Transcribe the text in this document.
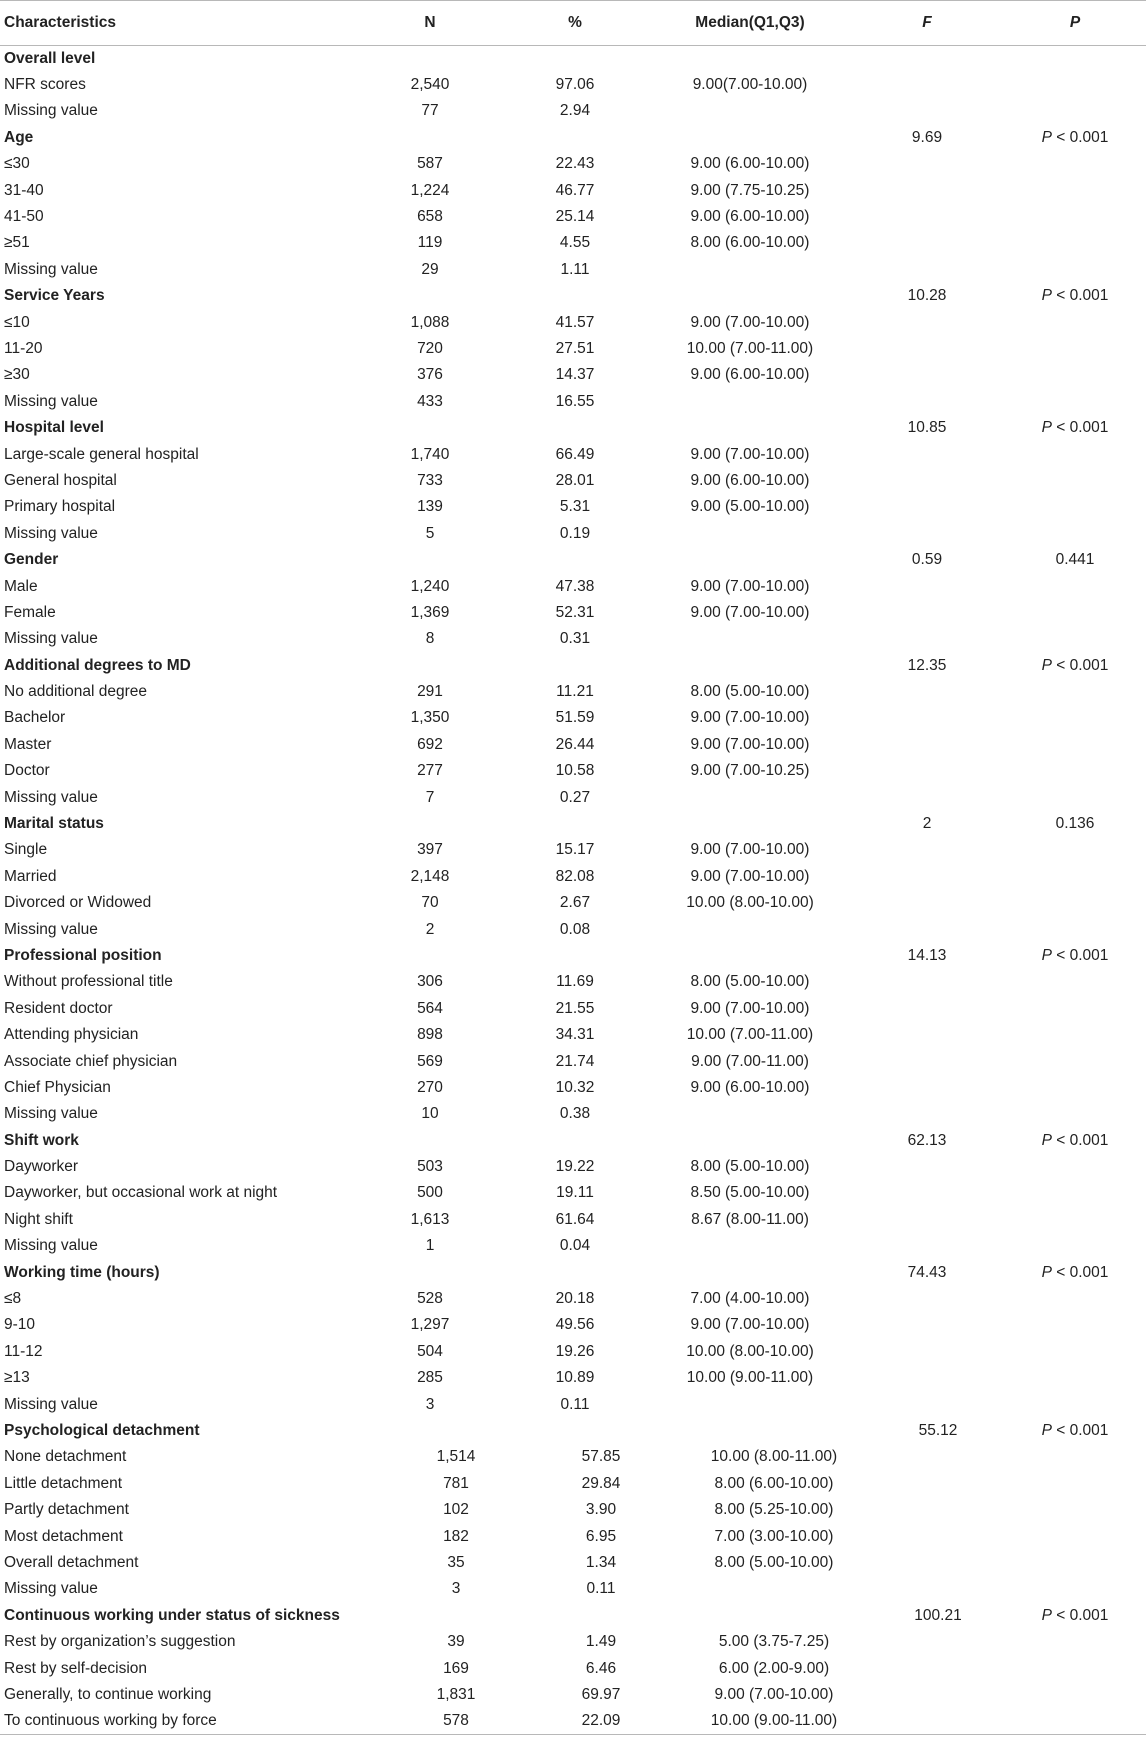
Characteristics	N	%	Median(Q1,Q3)	F	P
Overall level					
NFR scores	2,540	97.06	9.00(7.00-10.00)		
Missing value	77	2.94			
Age				9.69	P < 0.001
≤30	587	22.43	9.00 (6.00-10.00)		
31-40	1,224	46.77	9.00 (7.75-10.25)		
41-50	658	25.14	9.00 (6.00-10.00)		
≥51	119	4.55	8.00 (6.00-10.00)		
Missing value	29	1.11			
Service Years				10.28	P < 0.001
≤10	1,088	41.57	9.00 (7.00-10.00)		
11-20	720	27.51	10.00 (7.00-11.00)		
≥30	376	14.37	9.00 (6.00-10.00)		
Missing value	433	16.55			
Hospital level				10.85	P < 0.001
Large-scale general hospital	1,740	66.49	9.00 (7.00-10.00)		
General hospital	733	28.01	9.00 (6.00-10.00)		
Primary hospital	139	5.31	9.00 (5.00-10.00)		
Missing value	5	0.19			
Gender				0.59	0.441
Male	1,240	47.38	9.00 (7.00-10.00)		
Female	1,369	52.31	9.00 (7.00-10.00)		
Missing value	8	0.31			
Additional degrees to MD				12.35	P < 0.001
No additional degree	291	11.21	8.00 (5.00-10.00)		
Bachelor	1,350	51.59	9.00 (7.00-10.00)		
Master	692	26.44	9.00 (7.00-10.00)		
Doctor	277	10.58	9.00 (7.00-10.25)		
Missing value	7	0.27			
Marital status				2	0.136
Single	397	15.17	9.00 (7.00-10.00)		
Married	2,148	82.08	9.00 (7.00-10.00)		
Divorced or Widowed	70	2.67	10.00 (8.00-10.00)		
Missing value	2	0.08			
Professional position				14.13	P < 0.001
Without professional title	306	11.69	8.00 (5.00-10.00)		
Resident doctor	564	21.55	9.00 (7.00-10.00)		
Attending physician	898	34.31	10.00 (7.00-11.00)		
Associate chief physician	569	21.74	9.00 (7.00-11.00)		
Chief Physician	270	10.32	9.00 (6.00-10.00)		
Missing value	10	0.38			
Shift work				62.13	P < 0.001
Dayworker	503	19.22	8.00 (5.00-10.00)		
Dayworker, but occasional work at night	500	19.11	8.50 (5.00-10.00)		
Night shift	1,613	61.64	8.67 (8.00-11.00)		
Missing value	1	0.04			
Working time (hours)				74.43	P < 0.001
≤8	528	20.18	7.00 (4.00-10.00)		
9-10	1,297	49.56	9.00 (7.00-10.00)		
11-12	504	19.26	10.00 (8.00-10.00)		
≥13	285	10.89	10.00 (9.00-11.00)		
Missing value	3	0.11			
Psychological detachment				55.12	P < 0.001
None detachment	1,514	57.85	10.00 (8.00-11.00)		
Little detachment	781	29.84	8.00 (6.00-10.00)		
Partly detachment	102	3.90	8.00 (5.25-10.00)		
Most detachment	182	6.95	7.00 (3.00-10.00)		
Overall detachment	35	1.34	8.00 (5.00-10.00)		
Missing value	3	0.11			
Continuous working under status of sickness				100.21	P < 0.001
Rest by organization’s suggestion	39	1.49	5.00 (3.75-7.25)		
Rest by self-decision	169	6.46	6.00 (2.00-9.00)		
Generally, to continue working	1,831	69.97	9.00 (7.00-10.00)		
To continuous working by force	578	22.09	10.00 (9.00-11.00)		
